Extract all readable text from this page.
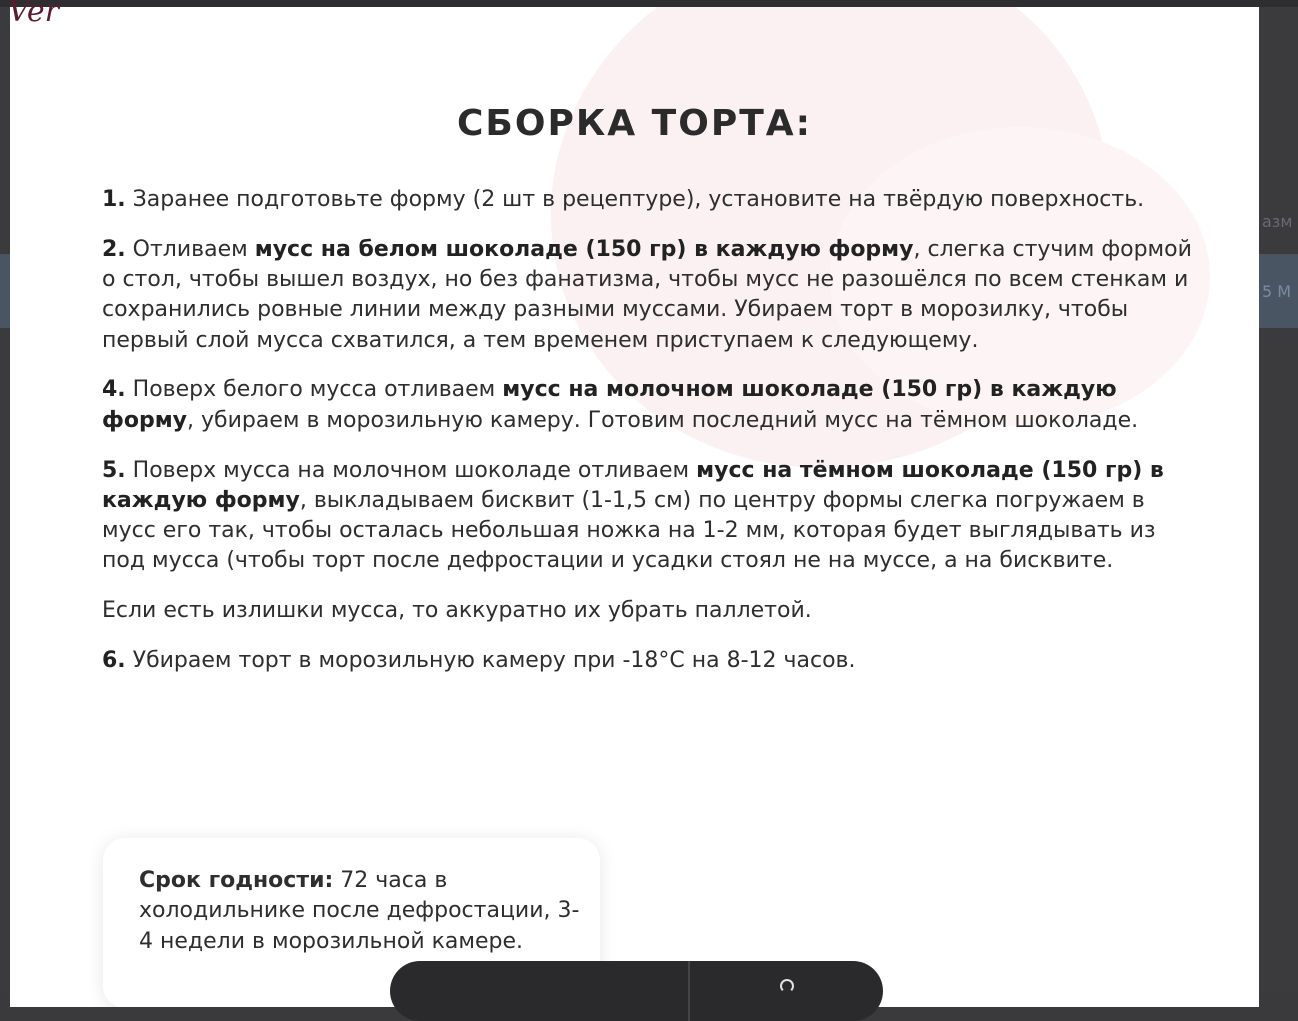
азм
5 М
СБОРКА ТОРТА:

1. Заранее подготовьте форму (2 шт в рецептуре), установите на твёрдую поверхность.

2. Отливаем мусс на белом шоколаде (150 гр) в каждую форму, слегка стучим формой о стол, чтобы вышел воздух, но без фанатизма, чтобы мусс не разошёлся по всем стенкам и сохранились ровные линии между разными муссами. Убираем торт в морозилку, чтобы первый слой мусса схватился, а тем временем приступаем к следующему.

4. Поверх белого мусса отливаем мусс на молочном шоколаде (150 гр) в каждую форму, убираем в морозильную камеру. Готовим последний мусс на тёмном шоколаде.

5. Поверх мусса на молочном шоколаде отливаем мусс на тёмном шоколаде (150 гр) в каждую форму, выкладываем бисквит (1-1,5 см) по центру формы слегка погружаем в мусс его так, чтобы осталась небольшая ножка на 1-2 мм, которая будет выглядывать из под мусса (чтобы торт после дефростации и усадки стоял не на муссе, а на бисквите.

Если есть излишки мусса, то аккуратно их убрать паллетой.

6. Убираем торт в морозильную камеру при -18°С на 8-12 часов.

Срок годности: 72 часа в холодильнике после дефростации, 3-4 недели в морозильной камере.
Ver
